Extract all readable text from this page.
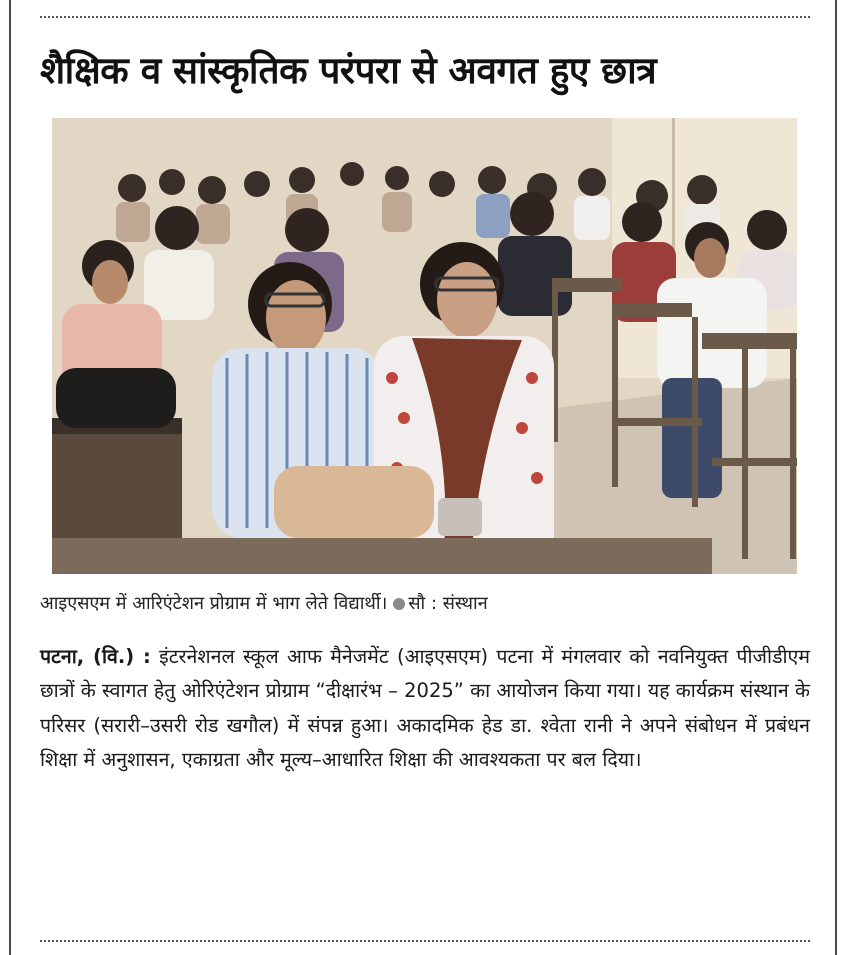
शैक्षिक व सांस्कृतिक परंपरा से अवगत हुए छात्र
आइएसएम में आरिएंटेशन प्रोग्राम में भाग लेते विद्यार्थी। सौ : संस्थान
पटना, (वि.) : इंटरनेशनल स्कूल आफ मैनेजमेंट (आइएसएम) पटना में मंगलवार को नवनियुक्त पीजीडीएम छात्रों के स्वागत हेतु ओरिएंटेशन प्रोग्राम “दीक्षारंभ – 2025” का आयोजन किया गया। यह कार्यक्रम संस्थान के परिसर (सरारी–उसरी रोड खगौल) में संपन्न हुआ। अकादमिक हेड डा. श्वेता रानी ने अपने संबोधन में प्रबंधन शिक्षा में अनुशासन, एकाग्रता और मूल्य–आधारित शिक्षा की आवश्यकता पर बल दिया।
